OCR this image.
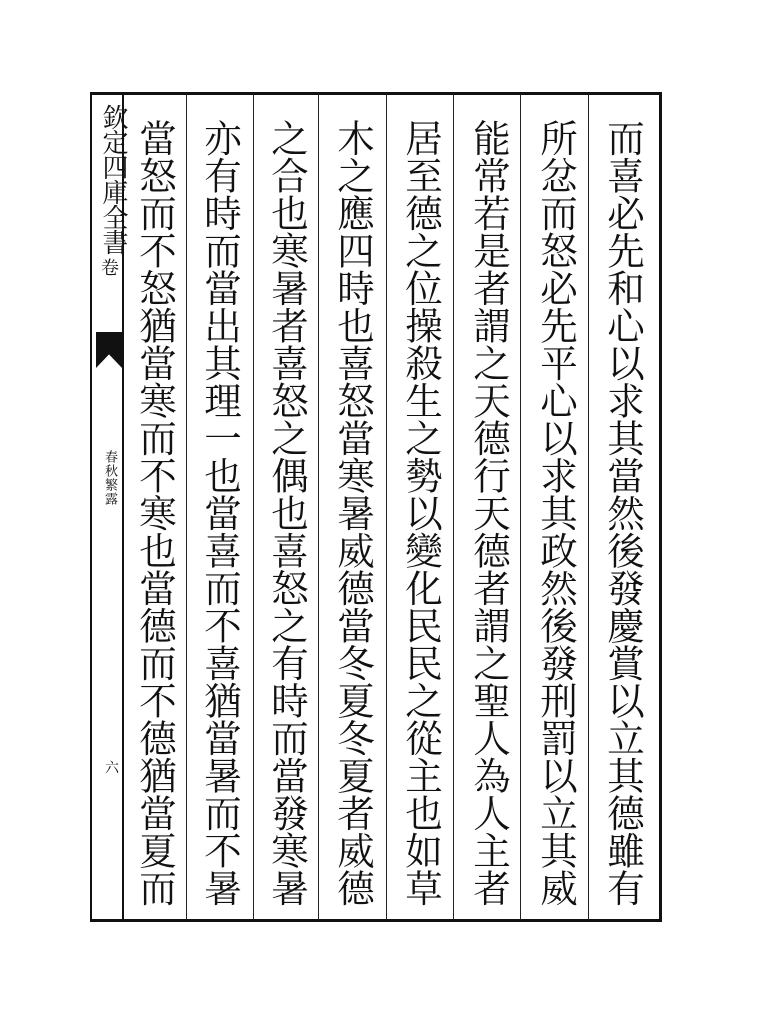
欽定四庫全書
卷
春秋繁露
六	而喜必先和心以求其當然後發慶賞以立其德雖有
所忿而怒必先平心以求其政然後發刑罰以立其威
能常若是者謂之天德行天德者謂之聖人為人主者
居至德之位操殺生之勢以變化民民之從主也如草
木之應四時也喜怒當寒暑威德當冬夏冬夏者威德
之合也寒暑者喜怒之偶也喜怒之有時而當發寒暑
亦有時而當出其理一也當喜而不喜猶當暑而不暑
當怒而不怒猶當寒而不寒也當德而不德猶當夏而
